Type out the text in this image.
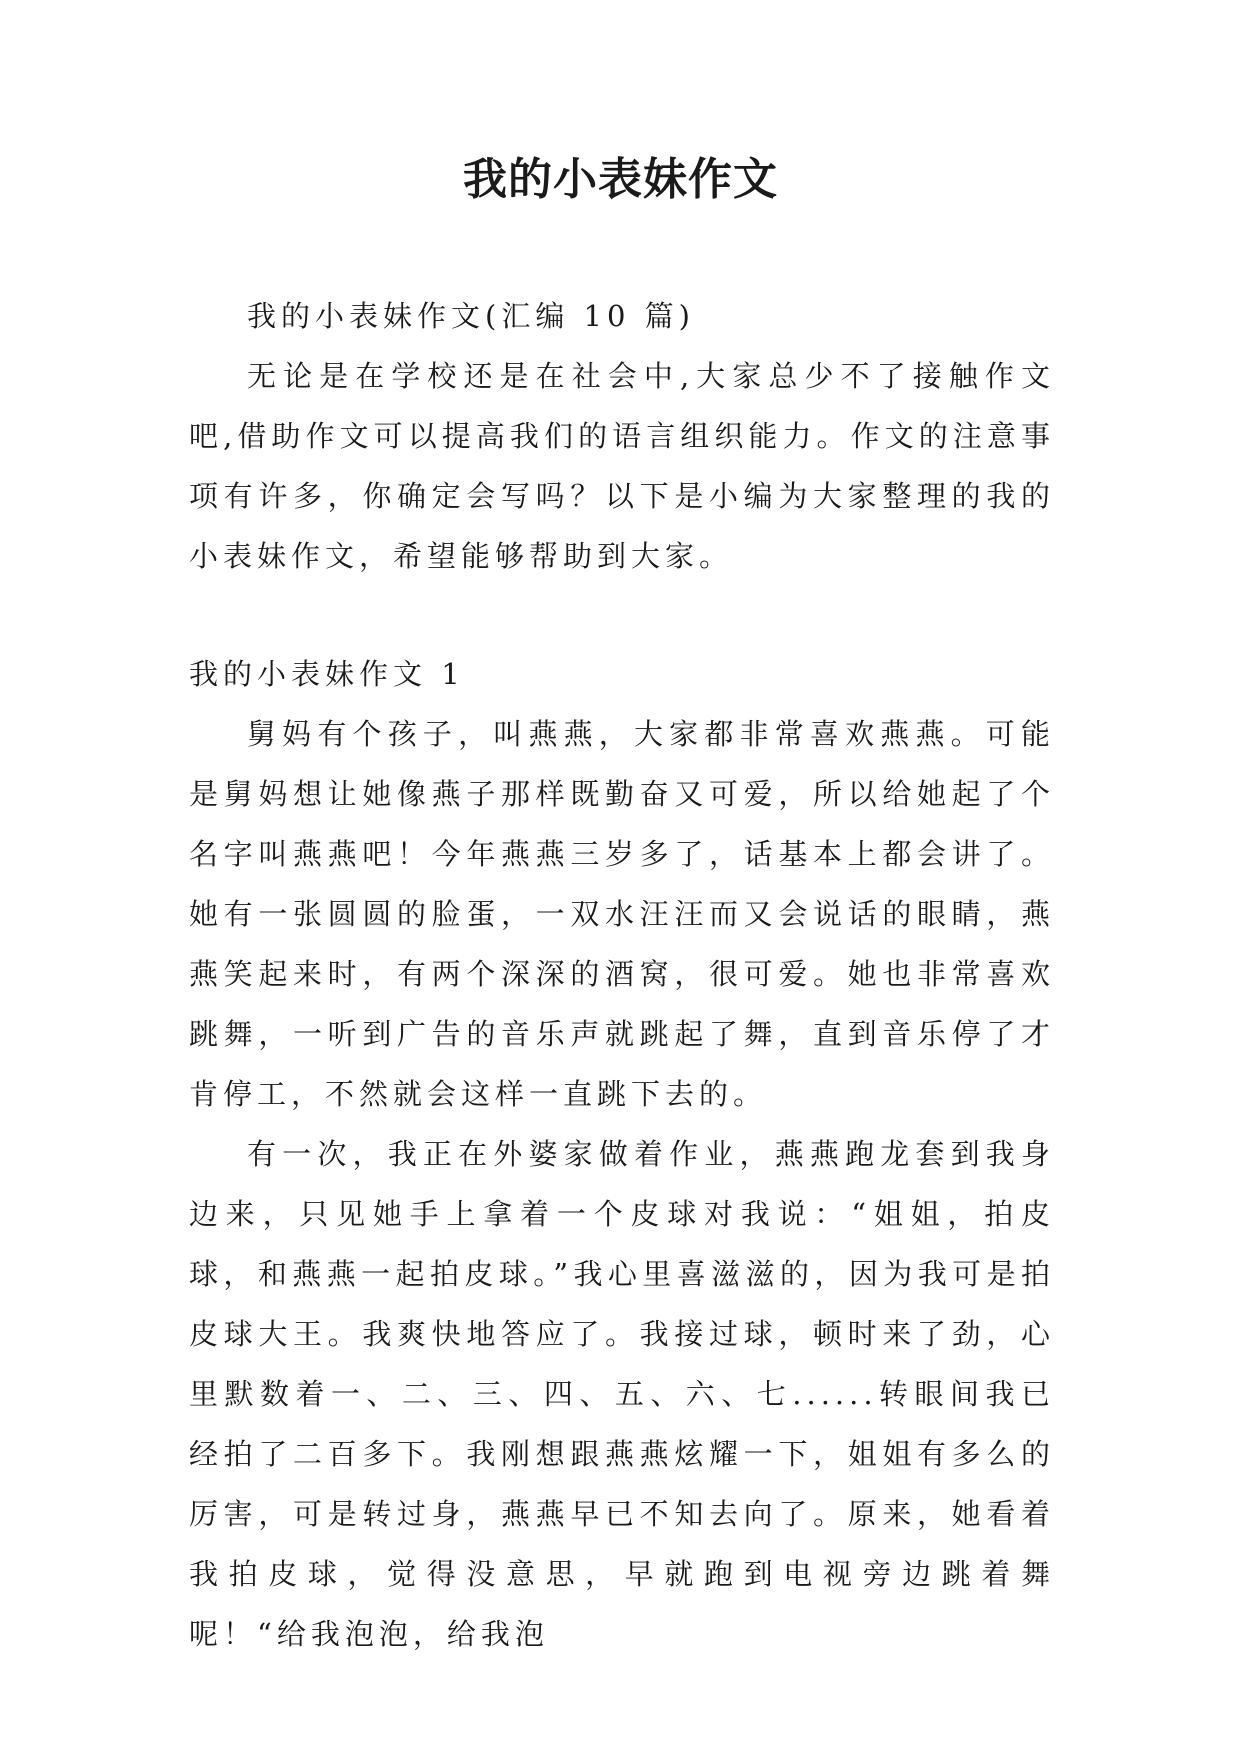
我的小表妹作文

我的小表妹作文(汇编 10 篇)

无论是在学校还是在社会中,大家总少不了接触作文吧,借助作文可以提高我们的语言组织能力。作文的注意事项有许多，你确定会写吗？以下是小编为大家整理的我的小表妹作文，希望能够帮助到大家。

我的小表妹作文 1

舅妈有个孩子，叫燕燕，大家都非常喜欢燕燕。可能是舅妈想让她像燕子那样既勤奋又可爱，所以给她起了个名字叫燕燕吧！今年燕燕三岁多了，话基本上都会讲了。她有一张圆圆的脸蛋，一双水汪汪而又会说话的眼睛，燕燕笑起来时，有两个深深的酒窝，很可爱。她也非常喜欢跳舞，一听到广告的音乐声就跳起了舞，直到音乐停了才肯停工，不然就会这样一直跳下去的。

有一次，我正在外婆家做着作业，燕燕跑龙套到我身边来，只见她手上拿着一个皮球对我说：“姐姐，拍皮球，和燕燕一起拍皮球。”我心里喜滋滋的，因为我可是拍皮球大王。我爽快地答应了。我接过球，顿时来了劲，心里默数着一、二、三、四、五、六、七......转眼间我已经拍了二百多下。我刚想跟燕燕炫耀一下，姐姐有多么的厉害，可是转过身，燕燕早已不知去向了。原来，她看着我拍皮球，觉得没意思，早就跑到电视旁边跳着舞呢！“给我泡泡，给我泡
